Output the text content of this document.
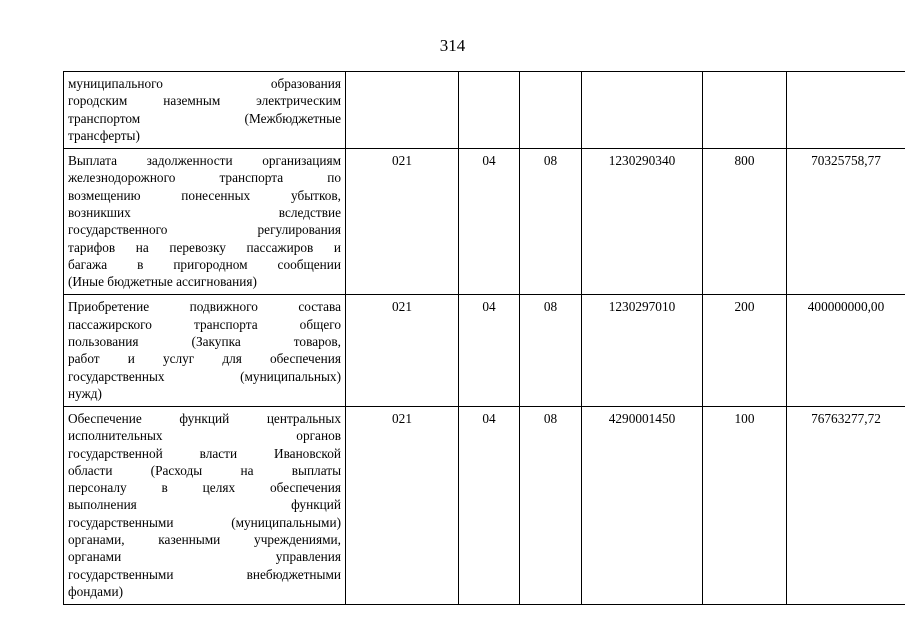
314
муниципального образования
городским наземным электрическим
транспортом (Межбюджетные
трансферты)						

Выплата задолженности организациям
железнодорожного транспорта по
возмещению понесенных убытков,
возникших вследствие
государственного регулирования
тарифов на перевозку пассажиров и
багажа в пригородном сообщении
(Иные бюджетные ассигнования)
	021	04	08	1230290340	800	70325758,77

Приобретение подвижного состава
пассажирского транспорта общего
пользования (Закупка товаров,
работ и услуг для обеспечения
государственных (муниципальных)
нужд)
	021	04	08	1230297010	200	400000000,00

Обеспечение функций центральных
исполнительных органов
государственной власти Ивановской
области (Расходы на выплаты
персоналу в целях обеспечения
выполнения функций
государственными (муниципальными)
органами, казенными учреждениями,
органами управления
государственными внебюджетными
фондами)
	021	04	08	4290001450	100	76763277,72
